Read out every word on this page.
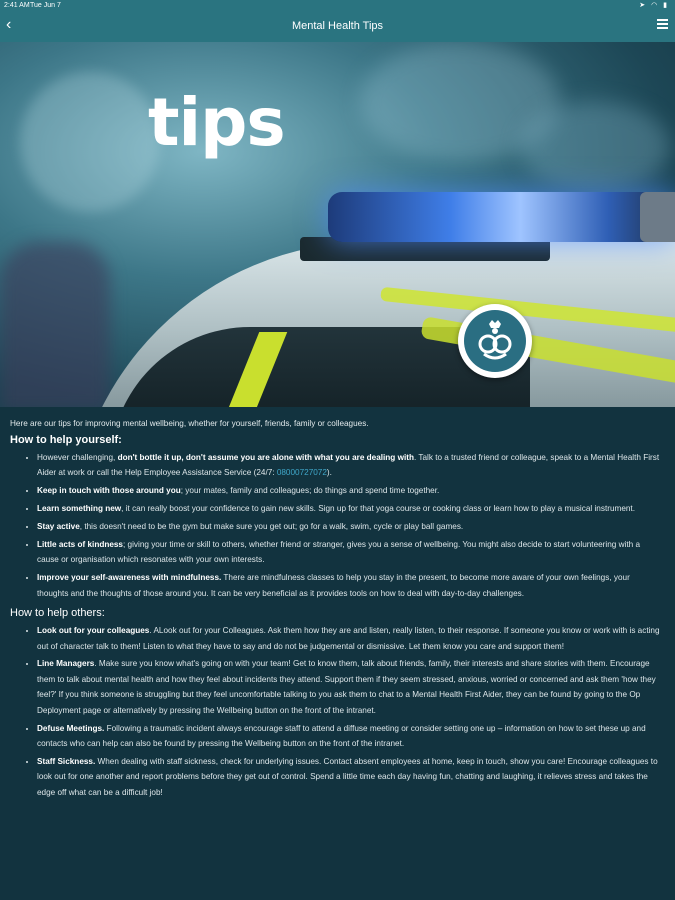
2:41 AM Tue Jun 7	➤ ◠ ▮
‹	Mental Health Tips
tips
Here are our tips for improving mental wellbeing, whether for yourself, friends, family or colleagues.
How to help yourself:
• However challenging, don't bottle it up, don't assume you are alone with what you are dealing with. Talk to a trusted friend or colleague, speak to a Mental Health First Aider at work or call the Help Employee Assistance Service (24/7: 08000727072).
• Keep in touch with those around you; your mates, family and colleagues; do things and spend time together.
• Learn something new, it can really boost your confidence to gain new skills. Sign up for that yoga course or cooking class or learn how to play a musical instrument.
• Stay active, this doesn't need to be the gym but make sure you get out; go for a walk, swim, cycle or play ball games.
• Little acts of kindness; giving your time or skill to others, whether friend or stranger, gives you a sense of wellbeing. You might also decide to start volunteering with a cause or organisation which resonates with your own interests.
• Improve your self-awareness with mindfulness. There are mindfulness classes to help you stay in the present, to become more aware of your own feelings, your thoughts and the thoughts of those around you. It can be very beneficial as it provides tools on how to deal with day-to-day challenges.
How to help others:
• Look out for your colleagues. ALook out for your Colleagues. Ask them how they are and listen, really listen, to their response. If someone you know or work with is acting out of character talk to them! Listen to what they have to say and do not be judgemental or dismissive. Let them know you care and support them!
• Line Managers. Make sure you know what's going on with your team! Get to know them, talk about friends, family, their interests and share stories with them. Encourage them to talk about mental health and how they feel about incidents they attend. Support them if they seem stressed, anxious, worried or concerned and ask them 'how they feel?' If you think someone is struggling but they feel uncomfortable talking to you ask them to chat to a Mental Health First Aider, they can be found by going to the Op Deployment page or alternatively by pressing the Wellbeing button on the front of the intranet.
• Defuse Meetings. Following a traumatic incident always encourage staff to attend a diffuse meeting or consider setting one up – information on how to set these up and contacts who can help can also be found by pressing the Wellbeing button on the front of the intranet.
• Staff Sickness. When dealing with staff sickness, check for underlying issues. Contact absent employees at home, keep in touch, show you care! Encourage colleagues to look out for one another and report problems before they get out of control. Spend a little time each day having fun, chatting and laughing, it relieves stress and takes the edge off what can be a difficult job!
